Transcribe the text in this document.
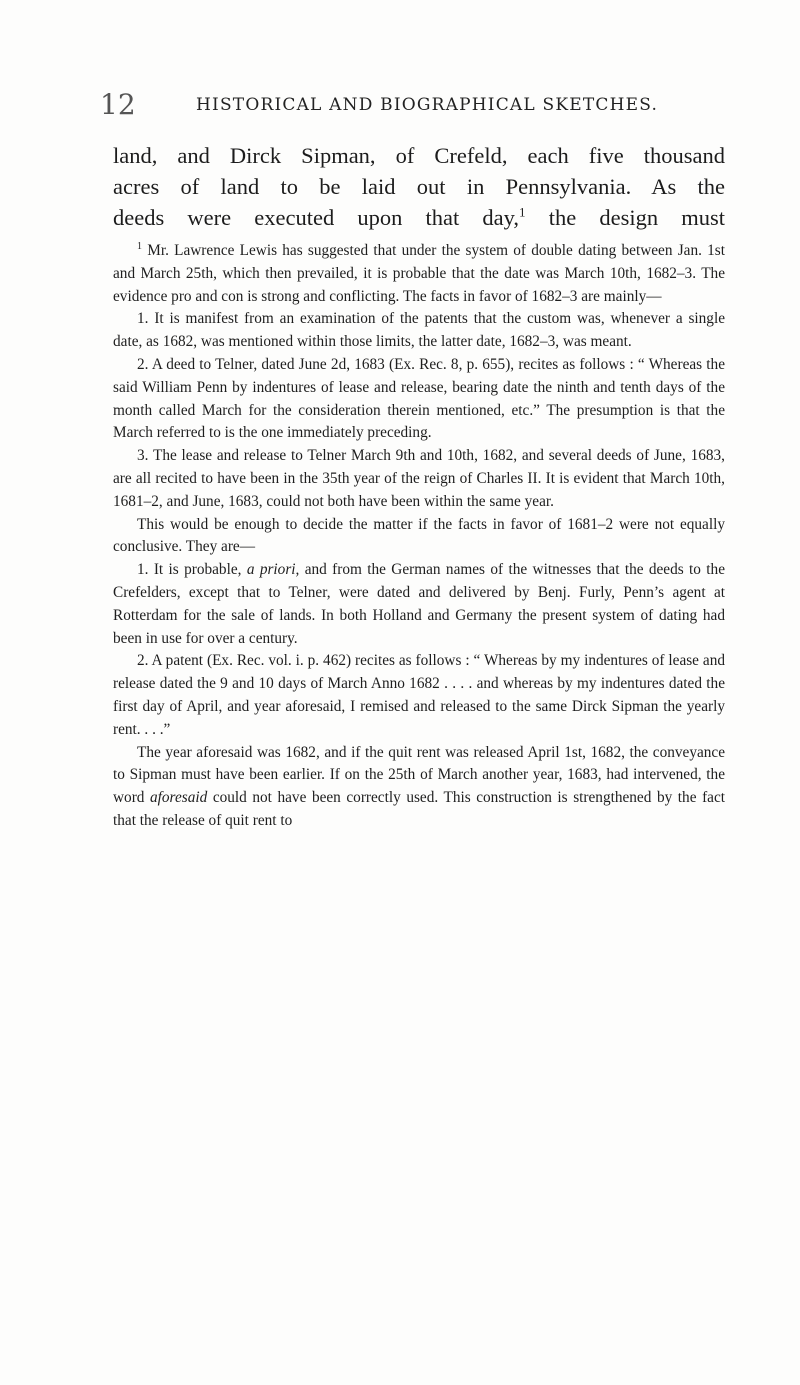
12	HISTORICAL AND BIOGRAPHICAL SKETCHES.
land, and Dirck Sipman, of Crefeld, each five thousand
acres of land to be laid out in Pennsylvania. As the
deeds were executed upon that day,$^1$ the design must

$^1$ Mr. Lawrence Lewis has suggested that under the system of double dating between Jan. 1st and March 25th, which then prevailed, it is probable that the date was March 10th, 1682–3. The evidence pro and con is strong and conflicting. The facts in favor of 1682–3 are mainly—

1. It is manifest from an examination of the patents that the custom was, whenever a single date, as 1682, was mentioned within those limits, the latter date, 1682–3, was meant.

2. A deed to Telner, dated June 2d, 1683 (Ex. Rec. 8, p. 655), recites as follows : “ Whereas the said William Penn by indentures of lease and release, bearing date the ninth and tenth days of the month called March for the consideration therein mentioned, etc.” The presumption is that the March referred to is the one immediately preceding.

3. The lease and release to Telner March 9th and 10th, 1682, and several deeds of June, 1683, are all recited to have been in the 35th year of the reign of Charles II. It is evident that March 10th, 1681–2, and June, 1683, could not both have been within the same year.

This would be enough to decide the matter if the facts in favor of 1681–2 were not equally conclusive. They are—

1. It is probable, a priori, and from the German names of the witnesses that the deeds to the Crefelders, except that to Telner, were dated and delivered by Benj. Furly, Penn’s agent at Rotterdam for the sale of lands. In both Holland and Germany the present system of dating had been in use for over a century.

2. A patent (Ex. Rec. vol. i. p. 462) recites as follows : “ Whereas by my indentures of lease and release dated the 9 and 10 days of March Anno 1682 . . . . and whereas by my indentures dated the first day of April, and year aforesaid, I remised and released to the same Dirck Sipman the yearly rent. . . .”

The year aforesaid was 1682, and if the quit rent was released April 1st, 1682, the conveyance to Sipman must have been earlier. If on the 25th of March another year, 1683, had intervened, the word aforesaid could not have been correctly used. This construction is strengthened by the fact that the release of quit rent to
